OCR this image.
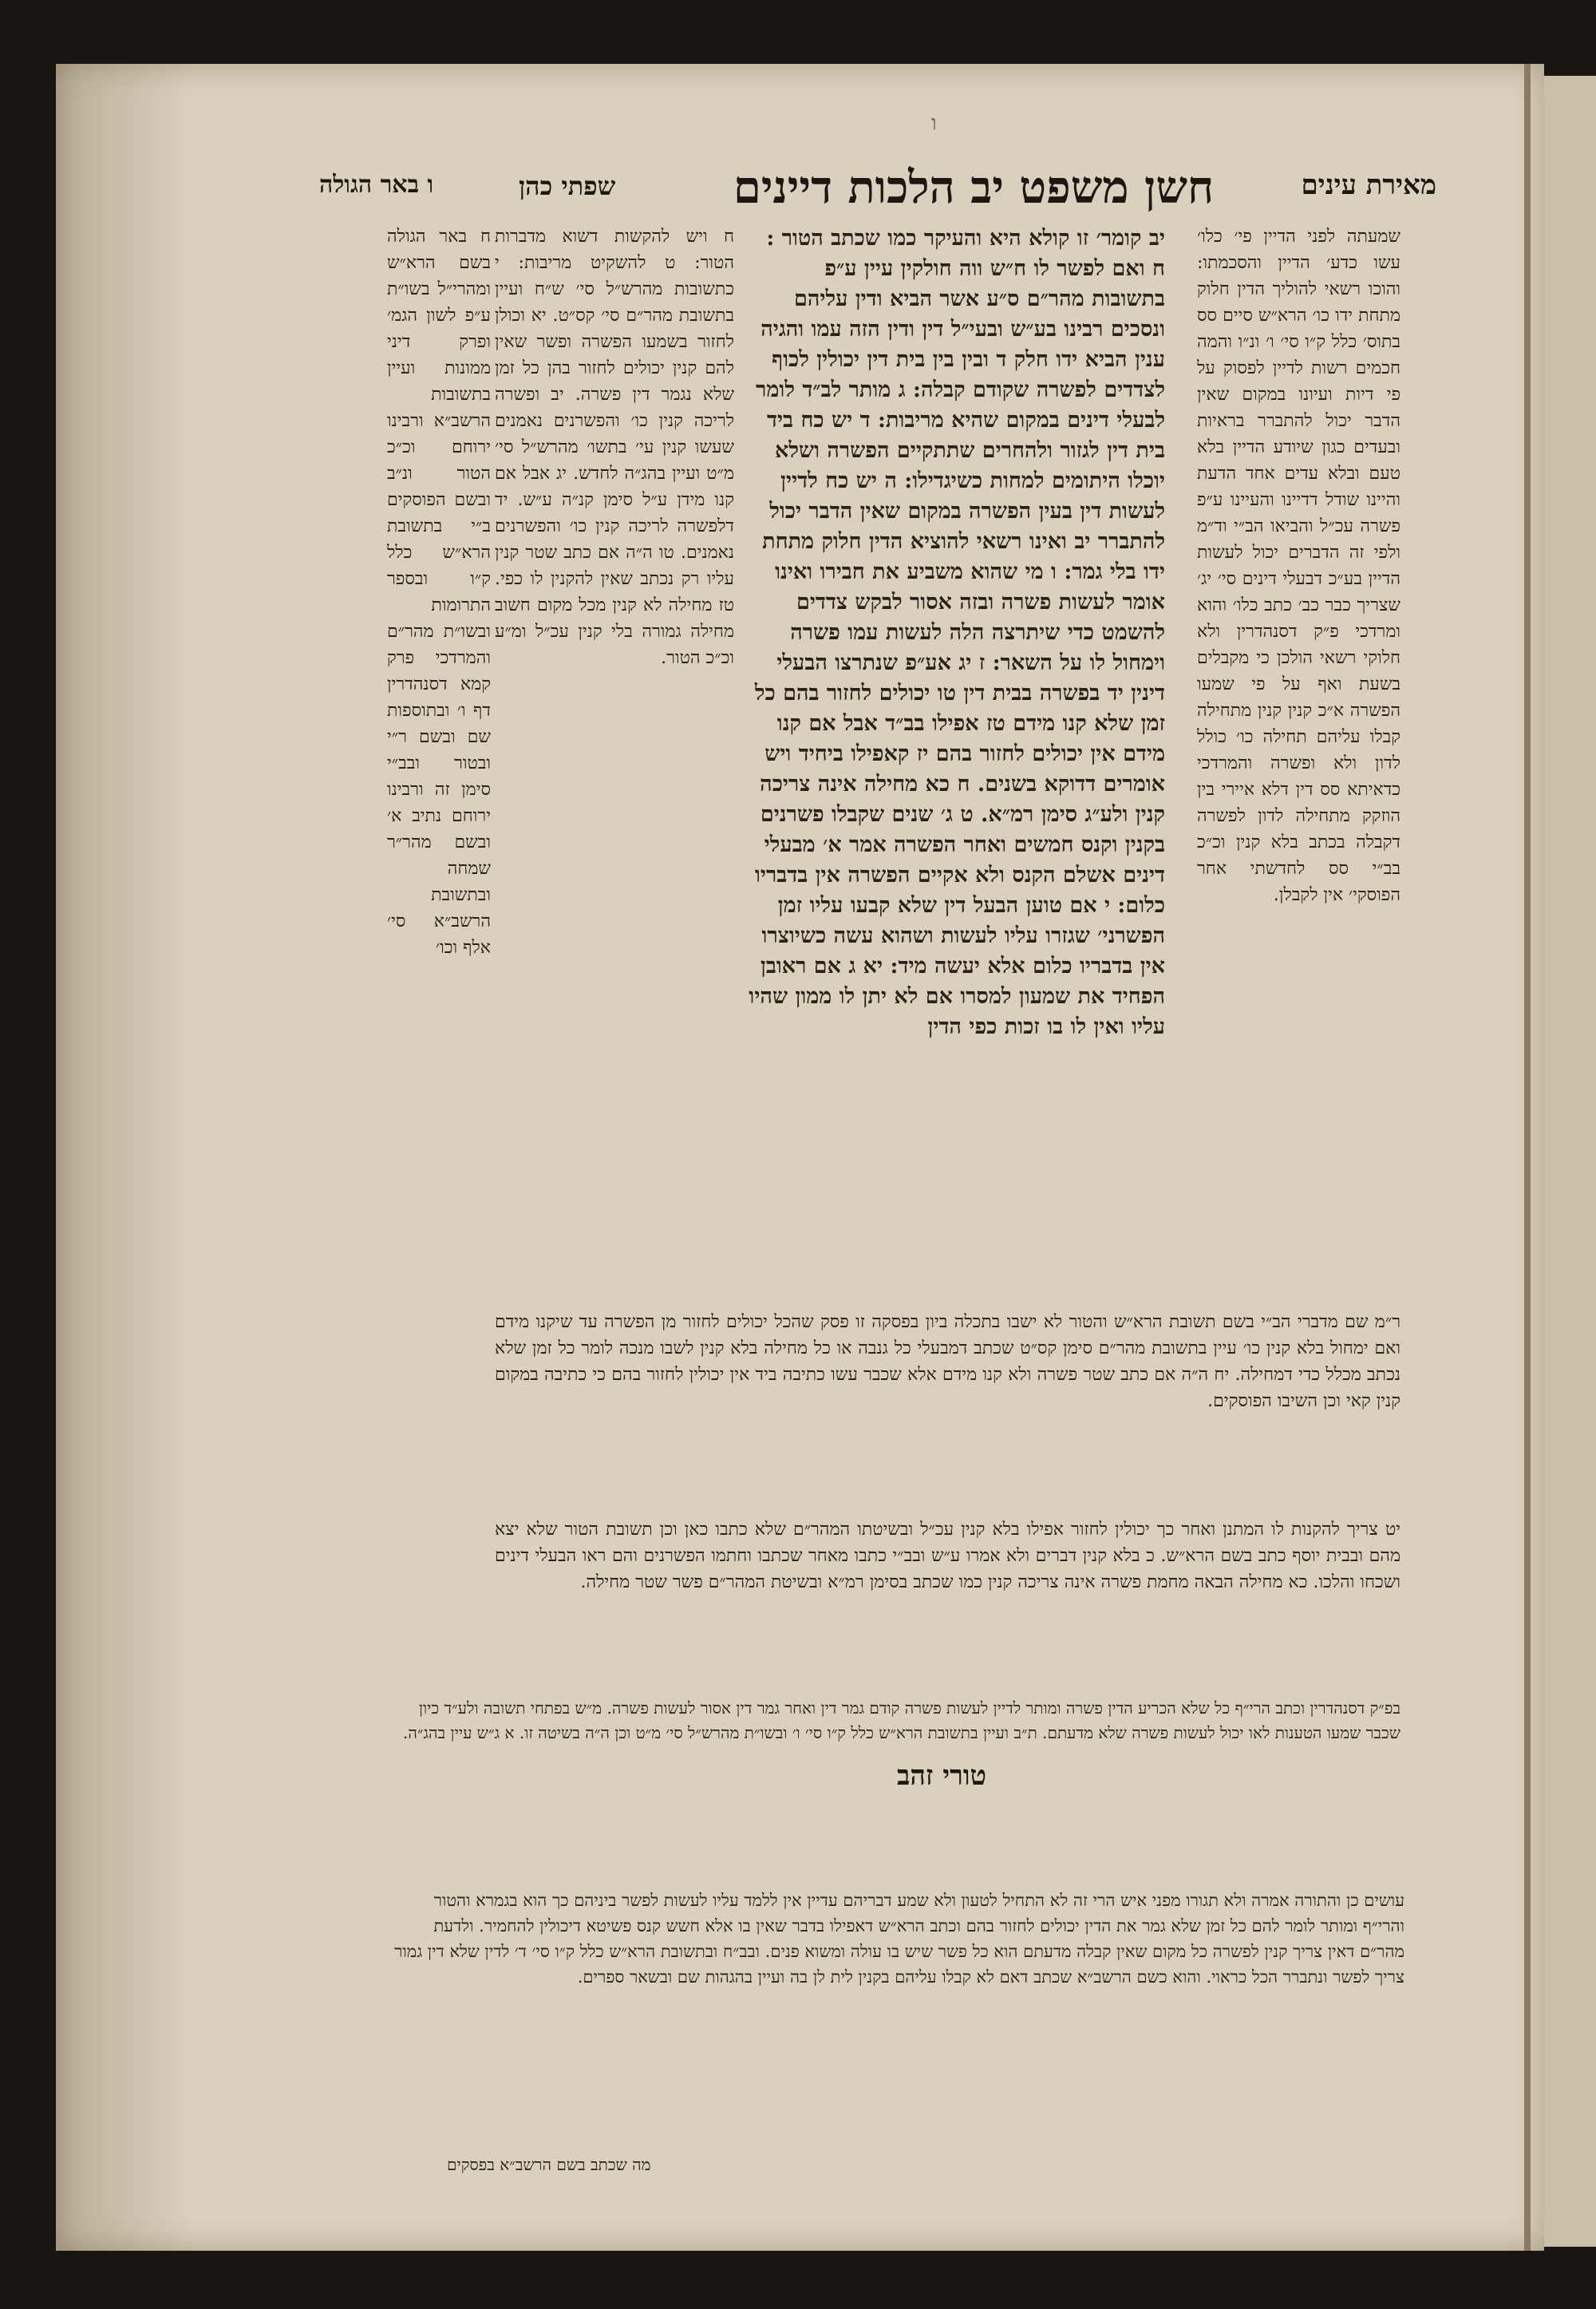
ו
מאירת עינים
חשן משפט יב הלכות דיינים
שפתי כהן
ו באר הגולה
שמעתה לפני הדיין פי׳ כלו׳ עשו כדע׳ הדיין והסכמתו: והוכו רשאי להוליך הדין חלוק מתחת ידו כו׳ הרא״ש סיים סס בתוס׳ כלל ק״ו סי׳ ו׳ ונ״ו והמה חכמים רשות לדיין לפסוק על פי דיות ועיונו במקום שאין הדבר יכול להתברר בראיות ובעדים כגון שיודע הדיין בלא טעם ובלא עדים אחד הדעת והיינו שודל דדיינו והעיינו ע״פ פשרה עכ״ל והביאו הב״י וד״מ ולפי זה הדברים יכול לעשות הדיין בע״כ דבעלי דינים סי׳ יג׳ שצריך כבר כב׳ כתב כלו׳ והוא ומרדכי פ״ק דסנהדרין ולא חלוקי רשאי הולכן כי מקבלים בשעת ואף על פי שמעו הפשרה א״כ קנין קנין מתחילה קבלו עליהם תחילה כו׳ כולל לדון ולא ופשרה והמרדכי כדאיתא סס דין דלא איירי בין הוזקק מתחילה לדון לפשרה דקבלה בכתב בלא קנין וכ״כ בב״י סס לחדשתי אחר הפוסקי׳ אין לקבלן.
יב קומר׳ זו קולא היא והעיקר כמו שכתב הטור : ח ואם לפשר לו ח״ש ווה חולקין עיין ע״פ בתשובות מהר״ם ס״ע אשר הביא ודין עליהם ונסכים רבינו בע״ש ובעי״ל דין ודין הזה עמו והגיה ענין הביא ידו חלק ד ובין בין בית דין יכולין לכוף לצדדים לפשרה שקודם קבלה: ג מותר לב״ד לומר לבעלי דינים במקום שהיא מריבות: ד יש כח ביד בית דין לגזור ולהחרים שתתקיים הפשרה ושלא יוכלו היתומים למחות כשיגדילו: ה יש כח לדיין לעשות דין בעין הפשרה במקום שאין הדבר יכול להתברר יב ואינו רשאי להוציא הדין חלוק מתחת ידו בלי גמר: ו מי שהוא משביע את חבירו ואינו אומר לעשות פשרה ובזה אסור לבקש צדדים להשמט כדי שיתרצה הלה לעשות עמו פשרה וימחול לו על השאר: ז יג אע״פ שנתרצו הבעלי דינין יד בפשרה בבית דין טו יכולים לחזור בהם כל זמן שלא קנו מידם טז אפילו בב״ד אבל אם קנו מידם אין יכולים לחזור בהם יז קאפילו ביחיד ויש אומרים דדוקא בשנים. ח כא מחילה אינה צריכה קנין ולע״ג סימן רמ״א. ט ג׳ שנים שקבלו פשרנים בקנין וקנס חמשים ואחר הפשרה אמר א׳ מבעלי דינים אשלם הקנס ולא אקיים הפשרה אין בדבריו כלום: י אם טוען הבעל דין שלא קבעו עליו זמן הפשרני׳ שגזרו עליו לעשות ושהוא עשה כשיוצרו אין בדבריו כלום אלא יעשה מיד: יא ג אם ראובן הפחיד את שמעון למסרו אם לא יתן לו ממון שהיו עליו ואין לו בו זכות כפי הדין
ח ויש להקשות דשוא מדברות הטור: ט להשקיט מריבות: י כתשובות מהרש״ל סי׳ ש״ח ועיין בתשובת מהר״ם סי׳ קס״ט. יא וכולן לחזור בשמעו הפשרה ופשר שאין להם קנין יכולים לחזור בהן כל זמן שלא נגמר דין פשרה. יב ופשרה לריכה קנין כו׳ והפשרנים נאמנים שעשו קנין עי׳ בתשו׳ מהרש״ל סי׳ מ״ט ועיין בהג״ה לחדש. יג אבל אם קנו מידן ע״ל סימן קנ״ה ע״ש. יד דלפשרה לריכה קנין כו׳ והפשרנים נאמנים. טו ה״ה אם כתב שטר קנין עליו רק נכתב שאין להקנין לו כפי. טז מחילה לא קנין מכל מקום חשוב מחילה גמורה בלי קנין עכ״ל ומ״ע וכ״כ הטור.
ח באר הגולה בשם הרא״ש ומהרי״ל בשו״ת ע״פ לשון הגמ׳ ופרק דיני ממונות ועיין בתשובות הרשב״א ורבינו ירוחם וכ״כ הטור ונ״ב ובשם הפוסקים ב״י בתשובת הרא״ש כלל ק״ו ובספר התרומות ובשו״ת מהר״ם והמרדכי פרק קמא דסנהדרין דף ו׳ ובתוספות שם ובשם ר״י ובטור ובב״י סימן זה ורבינו ירוחם נתיב א׳ ובשם מהר״ר שמחה ובתשובת הרשב״א סי׳ אלף וכו׳
ר״מ שם מדברי הב״י בשם תשובת הרא״ש והטור לא ישבו בתכלה ביון בפסקה זו פסק שהכל יכולים לחזור מן הפשרה עד שיקנו מידם ואם ימחול בלא קנין כו׳ עיין בתשובת מהר״ם סימן קס״ט שכתב דמבעלי כל גנבה או כל מחילה בלא קנין לשבו מנכה לומר כל זמן שלא נכתב מכלל כדי דמחילה. יח ה״ה אם כתב שטר פשרה ולא קנו מידם אלא שכבר עשו כתיבה ביד אין יכולין לחזור בהם כי כתיבה במקום קנין קאי וכן השיבו הפוסקים.
יט צריך להקנות לו המתנן ואחר כך יכולין לחזור אפילו בלא קנין עכ״ל ובשיטתו המהר״ם שלא כתבו כאן וכן תשובת הטור שלא יצא מהם ובבית יוסף כתב בשם הרא״ש. כ בלא קנין דברים ולא אמרו ע״ש ובב״י כתבו מאחר שכתבו וחתמו הפשרנים והם ראו הבעלי דינים ושכחו והלכו. כא מחילה הבאה מחמת פשרה אינה צריכה קנין כמו שכתב בסימן רמ״א ובשיטת המהר״ם פשר שטר מחילה.
טורי זהב
בפ״ק דסנהדרין וכתב הרי״ף כל שלא הכריע הדין פשרה ומותר לדיין לעשות פשרה קודם גמר דין ואחר גמר דין אסור לעשות פשרה. מ״ש בפתחי תשובה ולע״ד כיון שכבר שמעו הטענות לאו יכול לעשות פשרה שלא מדעתם. ת״ב ועיין בתשובת הרא״ש כלל ק״ו סי׳ ו׳ ובשו״ת מהרש״ל סי׳ מ״ט וכן ה״ה בשיטה זו. א ג״ש עיין בהג״ה.
עושים כן והתורה אמרה ולא תגורו מפני איש הרי זה לא התחיל לטעון ולא שמע דבריהם עדיין אין ללמד עליו לעשות לפשר ביניהם כך הוא בגמרא והטור והרי״ף ומותר לומר להם כל זמן שלא גמר את הדין יכולים לחזור בהם וכתב הרא״ש דאפילו בדבר שאין בו אלא חשש קנס פשיטא דיכולין להחמיר. ולדעת מהר״ם דאין צריך קנין לפשרה כל מקום שאין קבלה מדעתם הוא כל פשר שיש בו עולה ומשוא פנים. ובב״ח ובתשובת הרא״ש כלל ק״ו סי׳ ד׳ לדין שלא דין גמור צריך לפשר ונתברר הכל כראוי. והוא כשם הרשב״א שכתב דאם לא קבלו עליהם בקנין לית לן בה ועיין בהגהות שם ובשאר ספרים.
מה שכתב בשם הרשב״א בפסקים
